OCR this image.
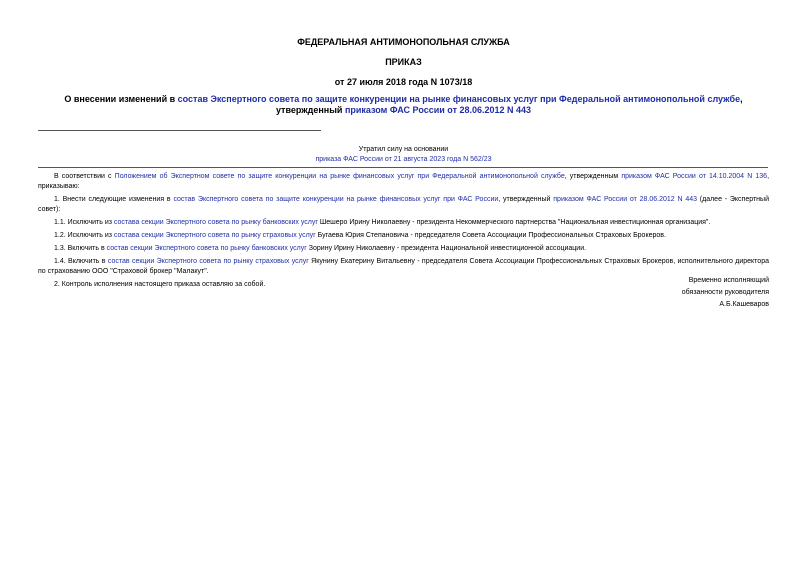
ФЕДЕРАЛЬНАЯ АНТИМОНОПОЛЬНАЯ СЛУЖБА
ПРИКАЗ
от 27 июля 2018 года N 1073/18
О внесении изменений в состав Экспертного совета по защите конкуренции на рынке финансовых услуг при Федеральной антимонопольной службе,
утвержденный приказом ФАС России от 28.06.2012 N 443
Утратил силу на основании
приказа ФАС России от 21 августа 2023 года N 562/23

В соответствии с Положением об Экспертном совете по защите конкуренции на рынке финансовых услуг при Федеральной антимонопольной службе, утвержденным приказом ФАС России от 14.10.2004 N 136, приказываю:

1. Внести следующие изменения в состав Экспертного совета по защите конкуренции на рынке финансовых услуг при ФАС России, утвержденный приказом ФАС России от 28.06.2012 N 443 (далее - Экспертный совет):

1.1. Исключить из состава секции Экспертного совета по рынку банковских услуг Шешеро Ирину Николаевну - президента Некоммерческого партнерства "Национальная инвестиционная организация".

1.2. Исключить из состава секции Экспертного совета по рынку страховых услуг Бугаева Юрия Степановича - председателя Совета Ассоциации Профессиональных Страховых Брокеров.

1.3. Включить в состав секции Экспертного совета по рынку банковских услуг Зорину Ирину Николаевну - президента Национальной инвестиционной ассоциации.

1.4. Включить в состав секции Экспертного совета по рынку страховых услуг Якунину Екатерину Витальевну - председателя Совета Ассоциации Профессиональных Страховых Брокеров, исполнительного директора по страхованию ООО "Страховой брокер "Малакут".

2. Контроль исполнения настоящего приказа оставляю за собой.

Временно исполняющий
обязанности руководителя
А.Б.Кашеваров
